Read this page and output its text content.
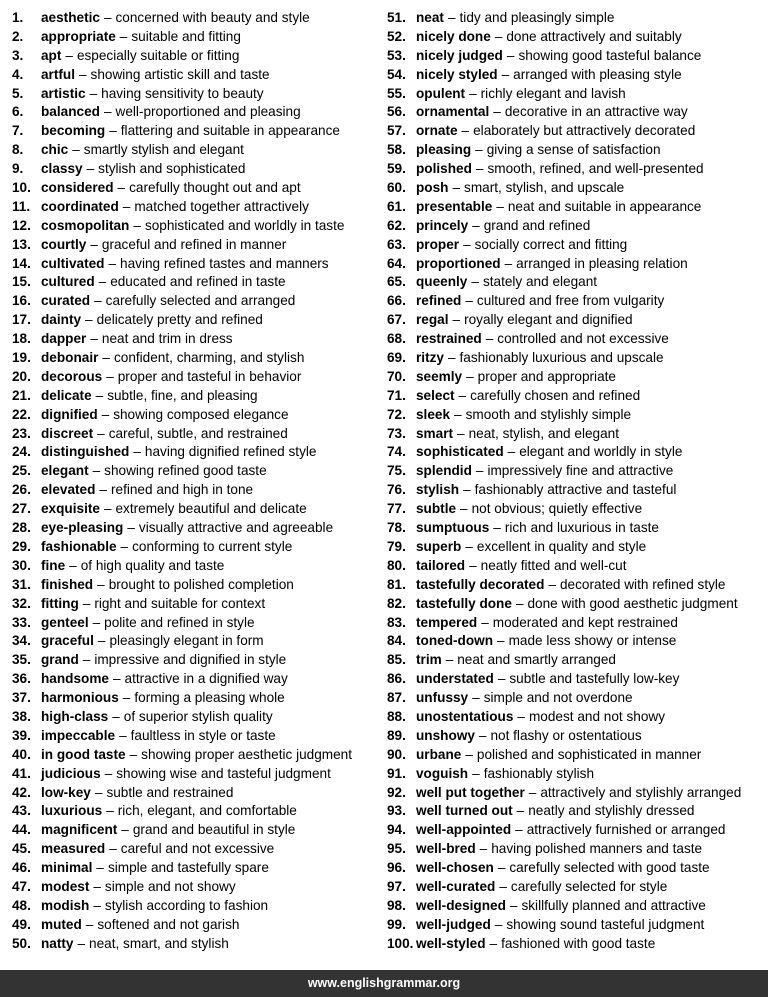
1.	aesthetic – concerned with beauty and style
2.	appropriate – suitable and fitting
3.	apt – especially suitable or fitting
4.	artful – showing artistic skill and taste
5.	artistic – having sensitivity to beauty
6.	balanced – well-proportioned and pleasing
7.	becoming – flattering and suitable in appearance
8.	chic – smartly stylish and elegant
9.	classy – stylish and sophisticated
10. considered – carefully thought out and apt
11. coordinated – matched together attractively
12. cosmopolitan – sophisticated and worldly in taste
13. courtly – graceful and refined in manner
14. cultivated – having refined tastes and manners
15. cultured – educated and refined in taste
16. curated – carefully selected and arranged
17. dainty – delicately pretty and refined
18. dapper – neat and trim in dress
19. debonair – confident, charming, and stylish
20. decorous – proper and tasteful in behavior
21. delicate – subtle, fine, and pleasing
22. dignified – showing composed elegance
23. discreet – careful, subtle, and restrained
24. distinguished – having dignified refined style
25. elegant – showing refined good taste
26. elevated – refined and high in tone
27. exquisite – extremely beautiful and delicate
28. eye-pleasing – visually attractive and agreeable
29. fashionable – conforming to current style
30. fine – of high quality and taste
31. finished – brought to polished completion
32. fitting – right and suitable for context
33. genteel – polite and refined in style
34. graceful – pleasingly elegant in form
35. grand – impressive and dignified in style
36. handsome – attractive in a dignified way
37. harmonious – forming a pleasing whole
38. high-class – of superior stylish quality
39. impeccable – faultless in style or taste
40. in good taste – showing proper aesthetic judgment
41. judicious – showing wise and tasteful judgment
42. low-key – subtle and restrained
43. luxurious – rich, elegant, and comfortable
44. magnificent – grand and beautiful in style
45. measured – careful and not excessive
46. minimal – simple and tastefully spare
47. modest – simple and not showy
48. modish – stylish according to fashion
49. muted – softened and not garish
50. natty – neat, smart, and stylish
51. neat – tidy and pleasingly simple
52. nicely done – done attractively and suitably
53. nicely judged – showing good tasteful balance
54. nicely styled – arranged with pleasing style
55. opulent – richly elegant and lavish
56. ornamental – decorative in an attractive way
57. ornate – elaborately but attractively decorated
58. pleasing – giving a sense of satisfaction
59. polished – smooth, refined, and well-presented
60. posh – smart, stylish, and upscale
61. presentable – neat and suitable in appearance
62. princely – grand and refined
63. proper – socially correct and fitting
64. proportioned – arranged in pleasing relation
65. queenly – stately and elegant
66. refined – cultured and free from vulgarity
67. regal – royally elegant and dignified
68. restrained – controlled and not excessive
69. ritzy – fashionably luxurious and upscale
70. seemly – proper and appropriate
71. select – carefully chosen and refined
72. sleek – smooth and stylishly simple
73. smart – neat, stylish, and elegant
74. sophisticated – elegant and worldly in style
75. splendid – impressively fine and attractive
76. stylish – fashionably attractive and tasteful
77. subtle – not obvious; quietly effective
78. sumptuous – rich and luxurious in taste
79. superb – excellent in quality and style
80. tailored – neatly fitted and well-cut
81. tastefully decorated – decorated with refined style
82. tastefully done – done with good aesthetic judgment
83. tempered – moderated and kept restrained
84. toned-down – made less showy or intense
85. trim – neat and smartly arranged
86. understated – subtle and tastefully low-key
87. unfussy – simple and not overdone
88. unostentatious – modest and not showy
89. unshowy – not flashy or ostentatious
90. urbane – polished and sophisticated in manner
91. voguish – fashionably stylish
92. well put together – attractively and stylishly arranged
93. well turned out – neatly and stylishly dressed
94. well-appointed – attractively furnished or arranged
95. well-bred – having polished manners and taste
96. well-chosen – carefully selected with good taste
97. well-curated – carefully selected for style
98. well-designed – skillfully planned and attractive
99. well-judged – showing sound tasteful judgment
100. well-styled – fashioned with good taste
www.englishgrammar.org
